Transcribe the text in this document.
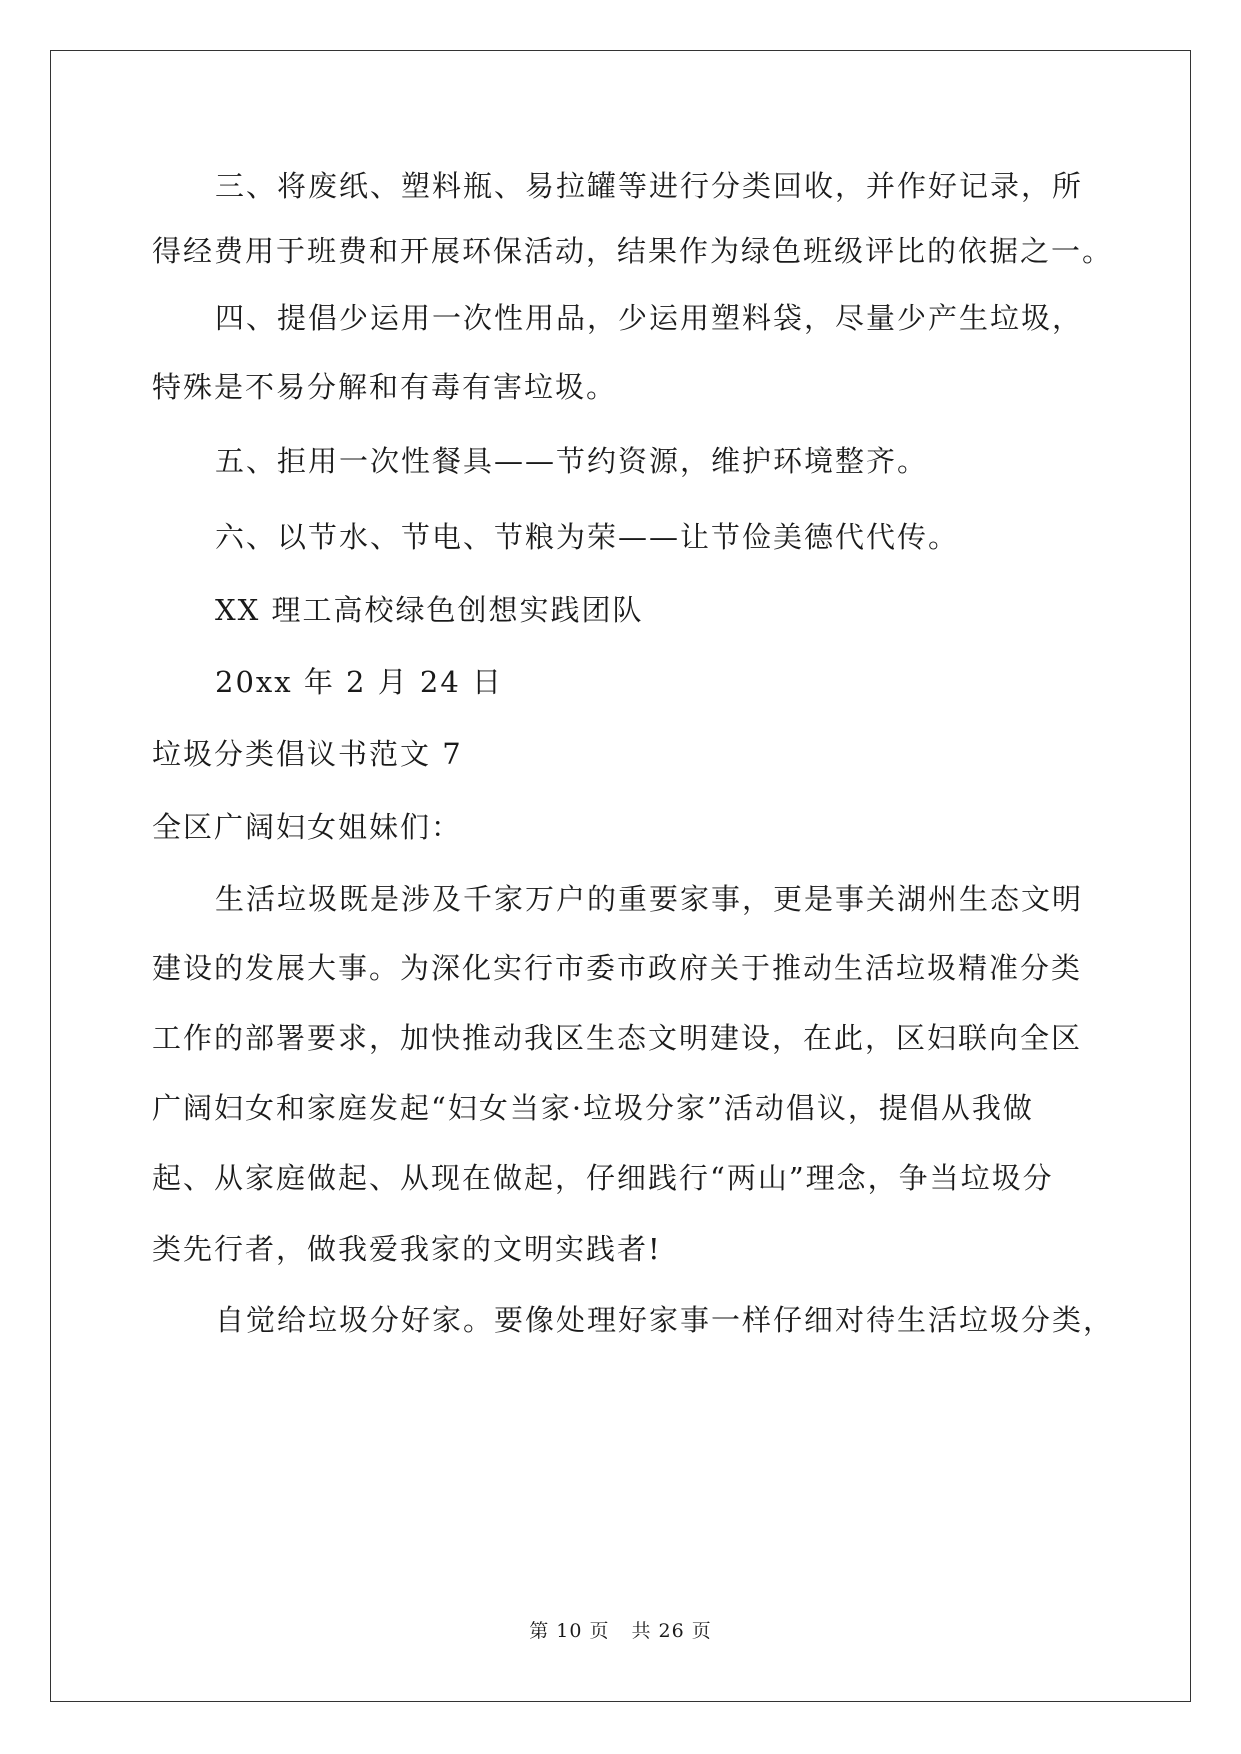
三、将废纸、塑料瓶、易拉罐等进行分类回收，并作好记录，所
得经费用于班费和开展环保活动，结果作为绿色班级评比的依据之一。
四、提倡少运用一次性用品，少运用塑料袋，尽量少产生垃圾，
特殊是不易分解和有毒有害垃圾。
五、拒用一次性餐具——节约资源，维护环境整齐。
六、以节水、节电、节粮为荣——让节俭美德代代传。
XX 理工高校绿色创想实践团队
20xx 年 2 月 24 日
垃圾分类倡议书范文 7
全区广阔妇女姐妹们：
生活垃圾既是涉及千家万户的重要家事，更是事关湖州生态文明
建设的发展大事。为深化实行市委市政府关于推动生活垃圾精准分类
工作的部署要求，加快推动我区生态文明建设，在此，区妇联向全区
广阔妇女和家庭发起“妇女当家·垃圾分家”活动倡议，提倡从我做
起、从家庭做起、从现在做起，仔细践行“两山”理念，争当垃圾分
类先行者，做我爱我家的文明实践者!
自觉给垃圾分好家。要像处理好家事一样仔细对待生活垃圾分类，
第 10 页 共 26 页
